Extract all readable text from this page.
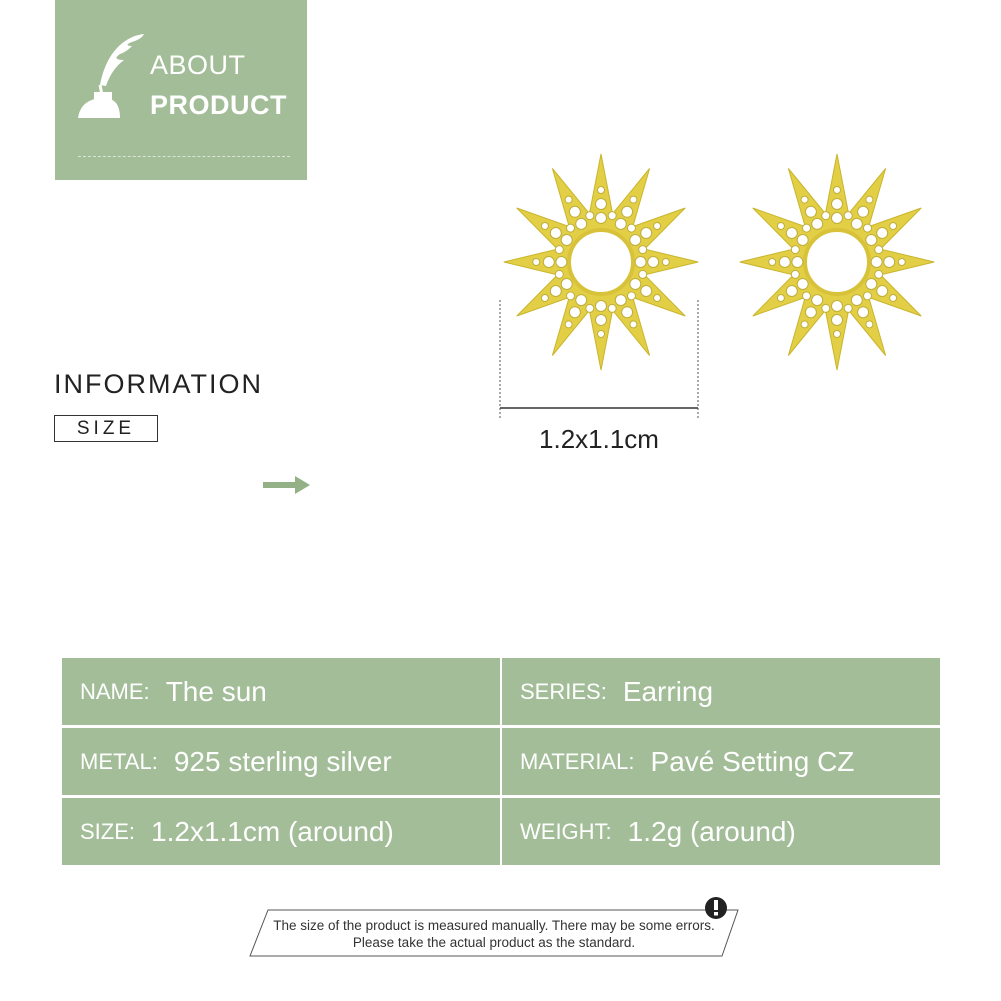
ABOUT
PRODUCT
INFORMATION
SIZE	1.2x1.1cm
NAME: The sun	SERIES: Earring
METAL: 925 sterling silver	MATERIAL: Pavé Setting CZ
SIZE: 1.2x1.1cm (around)	WEIGHT: 1.2g (around)
The size of the product is measured manually. There may be some errors.
Please take the actual product as the standard.
